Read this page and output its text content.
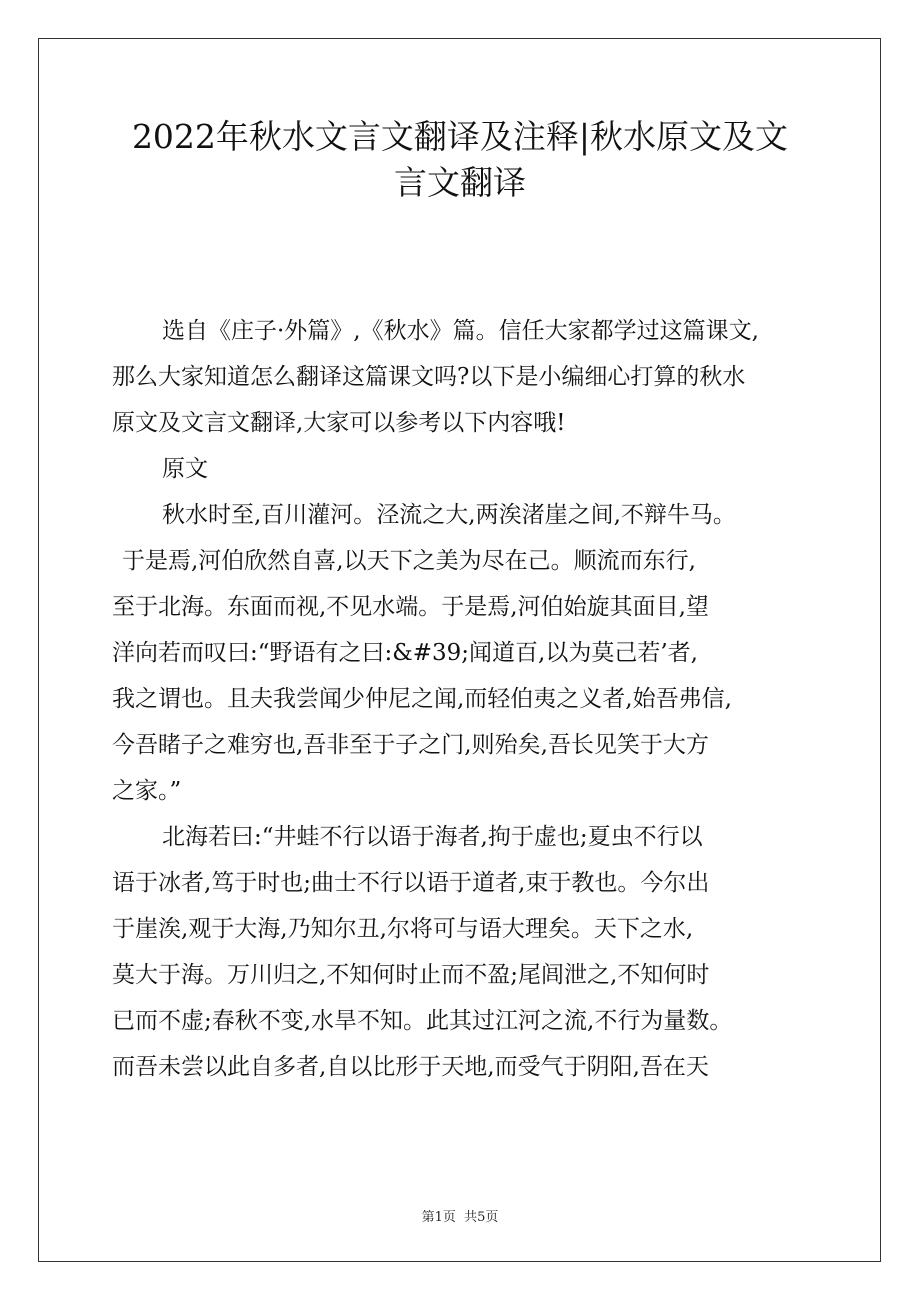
2022年秋水文言文翻译及注释|秋水原文及文
言文翻译
选自《庄子·外篇》,《秋水》篇。信任大家都学过这篇课文,
那么大家知道怎么翻译这篇课文吗?以下是小编细心打算的秋水
原文及文言文翻译,大家可以参考以下内容哦!
原文
秋水时至,百川灌河。泾流之大,两涘渚崖之间,不辩牛马。
于是焉,河伯欣然自喜,以天下之美为尽在己。顺流而东行,
至于北海。东面而视,不见水端。于是焉,河伯始旋其面目,望
洋向若而叹曰:“野语有之曰:&#39;闻道百,以为莫己若’者,
我之谓也。且夫我尝闻少仲尼之闻,而轻伯夷之义者,始吾弗信,
今吾睹子之难穷也,吾非至于子之门,则殆矣,吾长见笑于大方
之家。”
北海若曰:“井蛙不行以语于海者,拘于虚也;夏虫不行以
语于冰者,笃于时也;曲士不行以语于道者,束于教也。今尔出
于崖涘,观于大海,乃知尔丑,尔将可与语大理矣。天下之水,
莫大于海。万川归之,不知何时止而不盈;尾闾泄之,不知何时
已而不虚;春秋不变,水旱不知。此其过江河之流,不行为量数。
而吾未尝以此自多者,自以比形于天地,而受气于阴阳,吾在天
第1页 共5页
